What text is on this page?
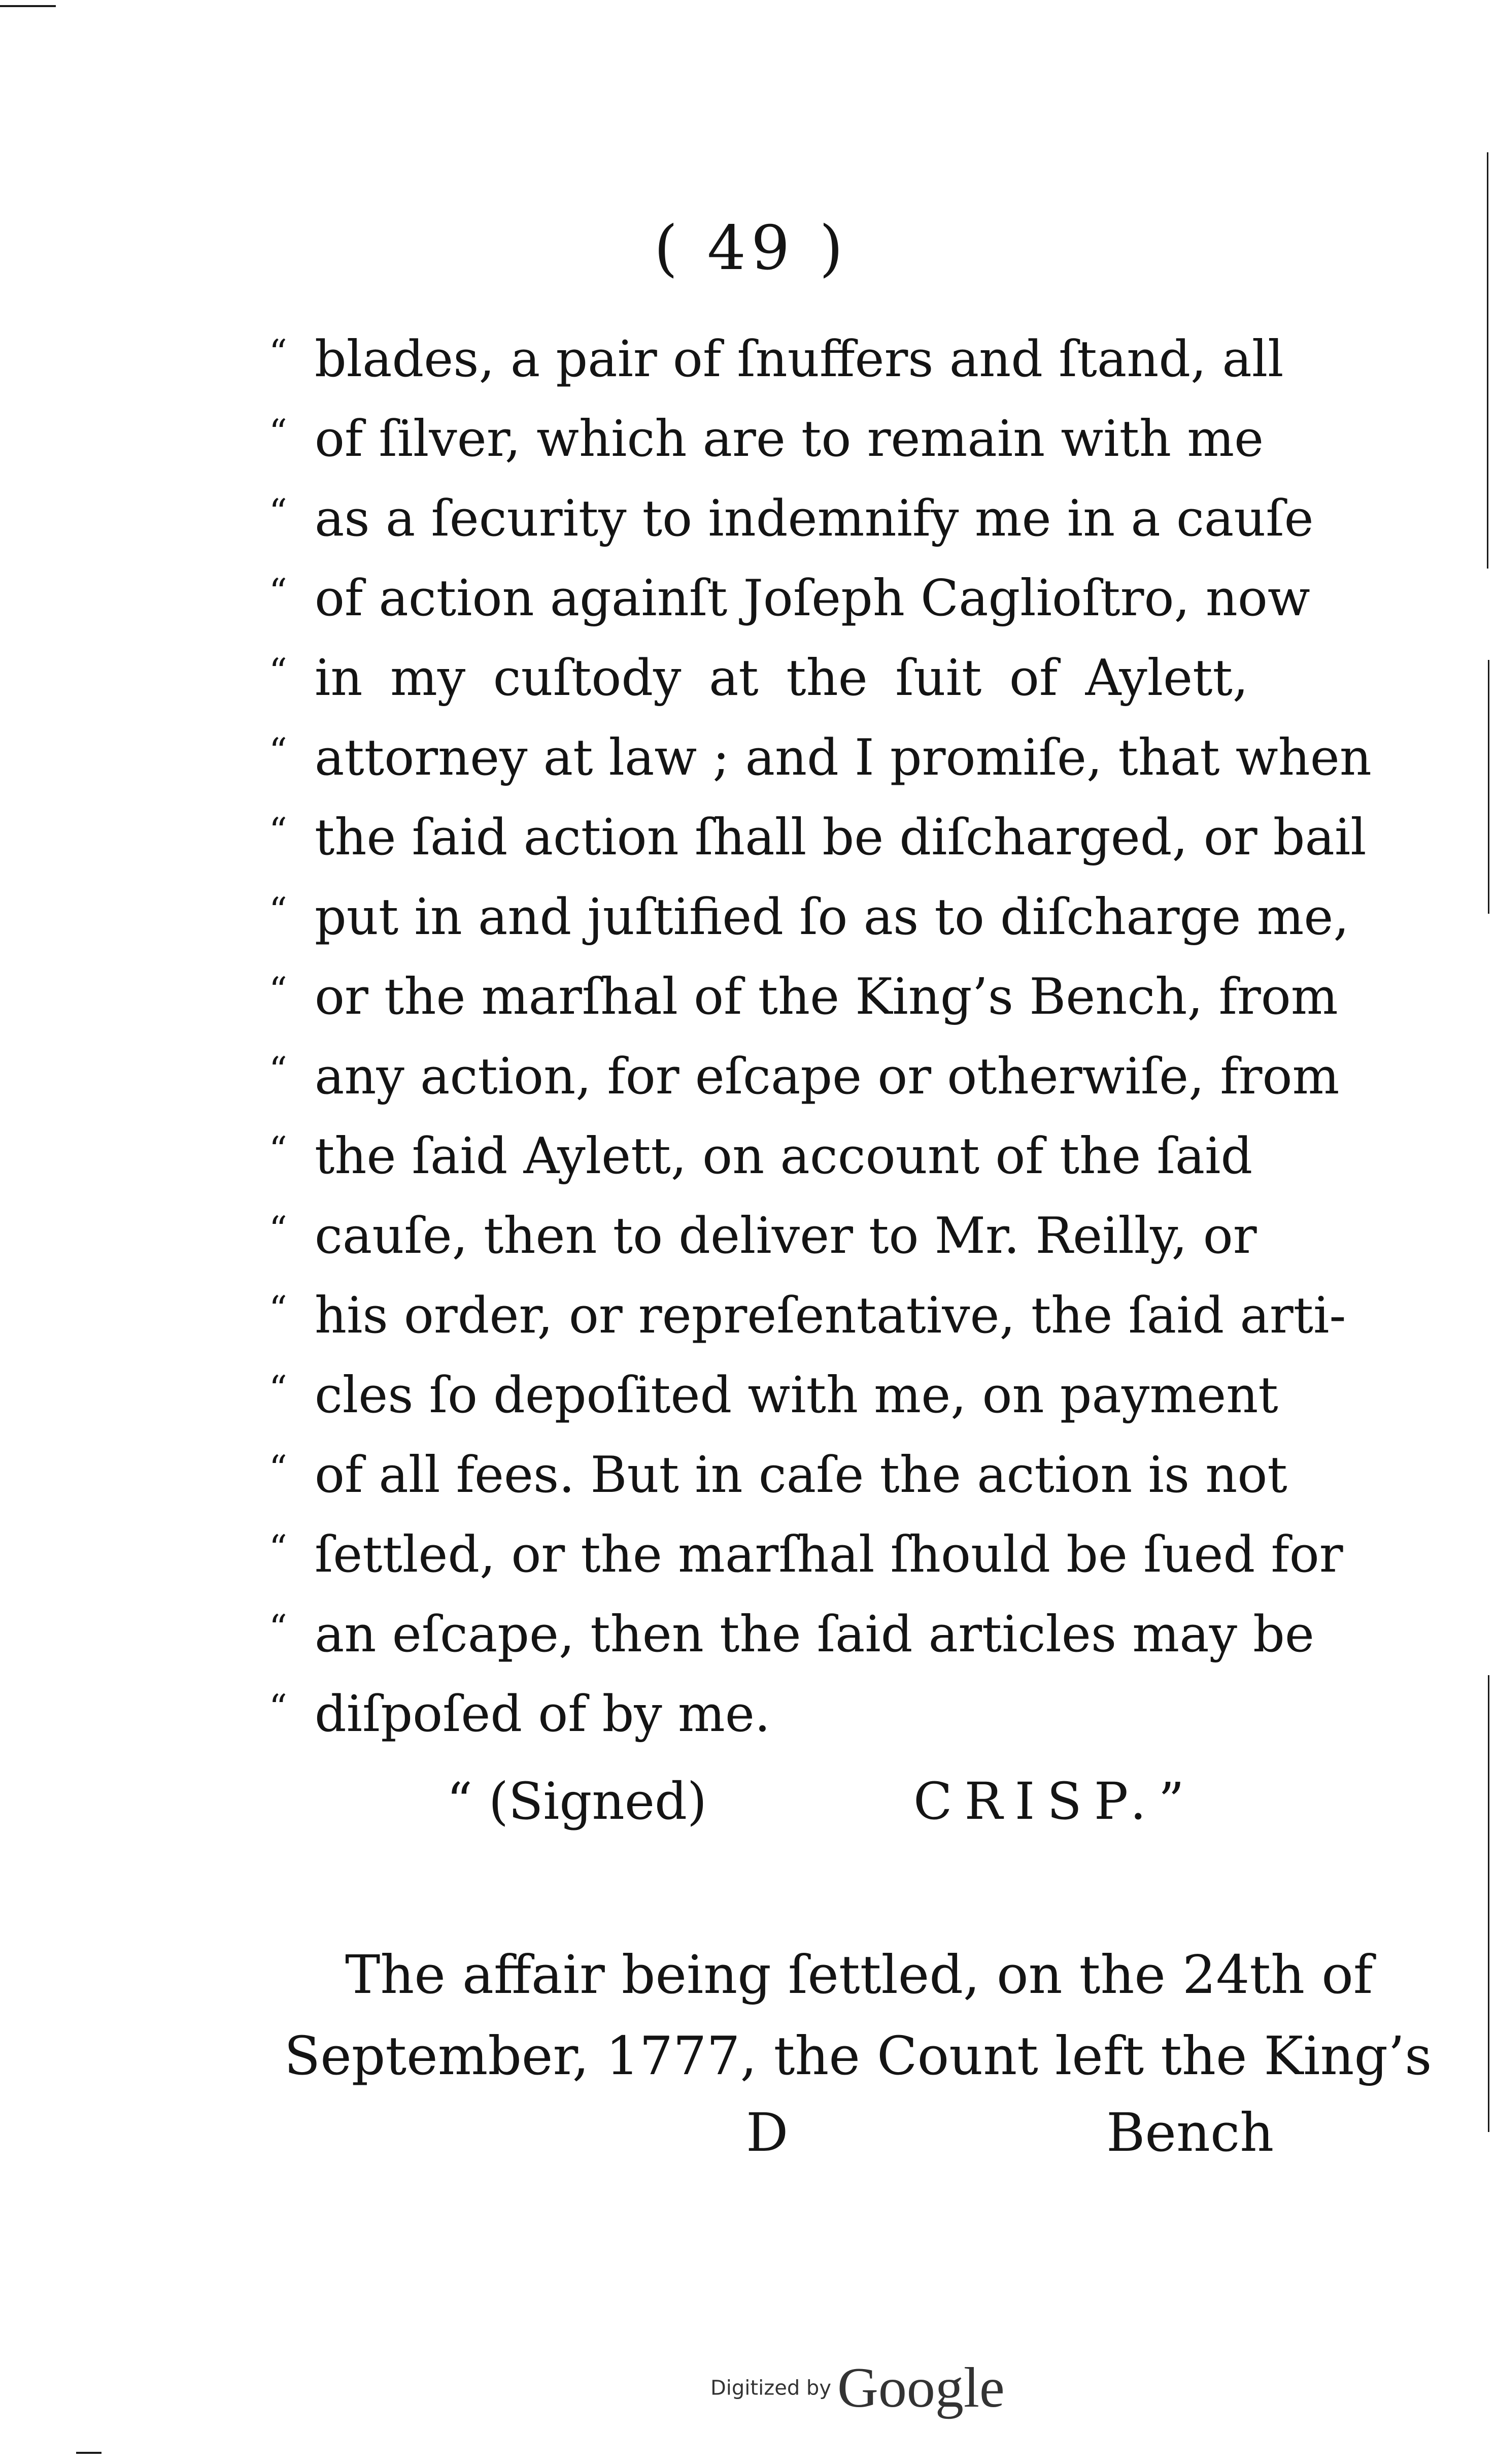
( 49 )
“ blades, a pair of ſnuffers and ſtand, all
“ of ſilver, which are to remain with me
“ as a ſecurity to indemnify me in a cauſe
“ of action againſt Joſeph Caglioſtro, now
“ in my cuſtody at the ſuit of Aylett,
“ attorney at law ; and I promiſe, that when
“ the ſaid action ſhall be diſcharged, or bail
“ put in and juſtified ſo as to diſcharge me,
“ or the marſhal of the King’s Bench, from
“ any action, for eſcape or otherwiſe, from
“ the ſaid Aylett, on account of the ſaid
“ cauſe, then to deliver to Mr. Reilly, or
“ his order, or repreſentative, the ſaid arti-
“ cles ſo depoſited with me, on payment
“ of all fees. But in caſe the action is not
“ ſettled, or the marſhal ſhould be ſued for
“ an eſcape, then the ſaid articles may be
“ diſpoſed of by me.
“ (Signed)	CRISP.”
The affair being ſettled, on the 24th of
September, 1777, the Count left the King’s
D	Bench
Digitized by Google
